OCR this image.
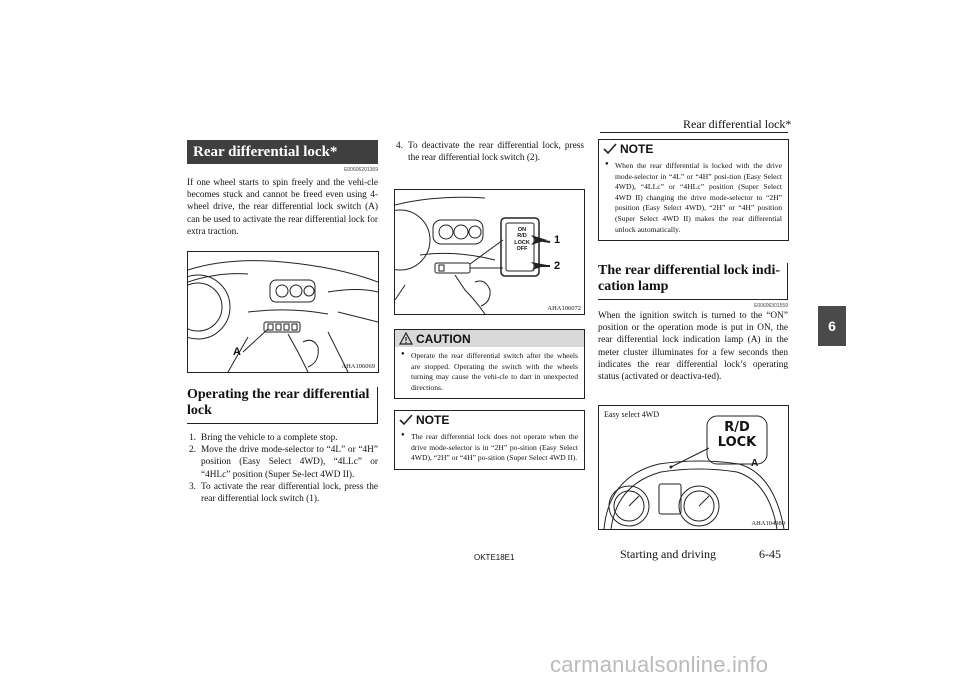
Rear differential lock*
6
Rear differential lock*
E00606201369

If one wheel starts to spin freely and the vehi-cle becomes stuck and cannot be freed even using 4-wheel drive, the rear differential lock switch (A) can be used to activate the rear differential lock for extra traction.

A
AHA106069
Operating the rear differential lock
1. Bring the vehicle to a complete stop.
2. Move the drive mode-selector to “4L” or “4H” position (Easy Select 4WD), “4LLc” or “4HLc” position (Super Se-lect 4WD II).
3. To activate the rear differential lock, press the rear differential lock switch (1).
4. To deactivate the rear differential lock, press the rear differential lock switch (2).
ON
R/D
LOCK
OFF
1
2
AHA106072
CAUTION
● Operate the rear differential switch after the wheels are stopped. Operating the switch with the wheels turning may cause the vehi-cle to dart in unexpected directions.

NOTE
● The rear differential lock does not operate when the drive mode-selector is in “2H” po-sition (Easy Select 4WD), “2H” or “4H” po-sition (Super Select 4WD II).

NOTE
● When the rear differential is locked with the drive mode-selector in “4L” or “4H” posi-tion (Easy Select 4WD), “4LLc” or “4HLc” position (Super Select 4WD II) changing the drive mode-selector to “2H” position (Easy Select 4WD), “2H” or “4H” position (Super Select 4WD II) makes the rear differential unlock automatically.

The rear differential lock indi-cation lamp
E00606301559

When the ignition switch is turned to the “ON” position or the operation mode is put in ON, the rear differential lock indication lamp (A) in the meter cluster illuminates for a few seconds then indicates the rear differential lock’s operating status (activated or deactiva-ted).

Easy select 4WD
R/D
LOCK
A
AHA104980
OKTE18E1	Starting and driving	6-45
carmanualsonline.info
